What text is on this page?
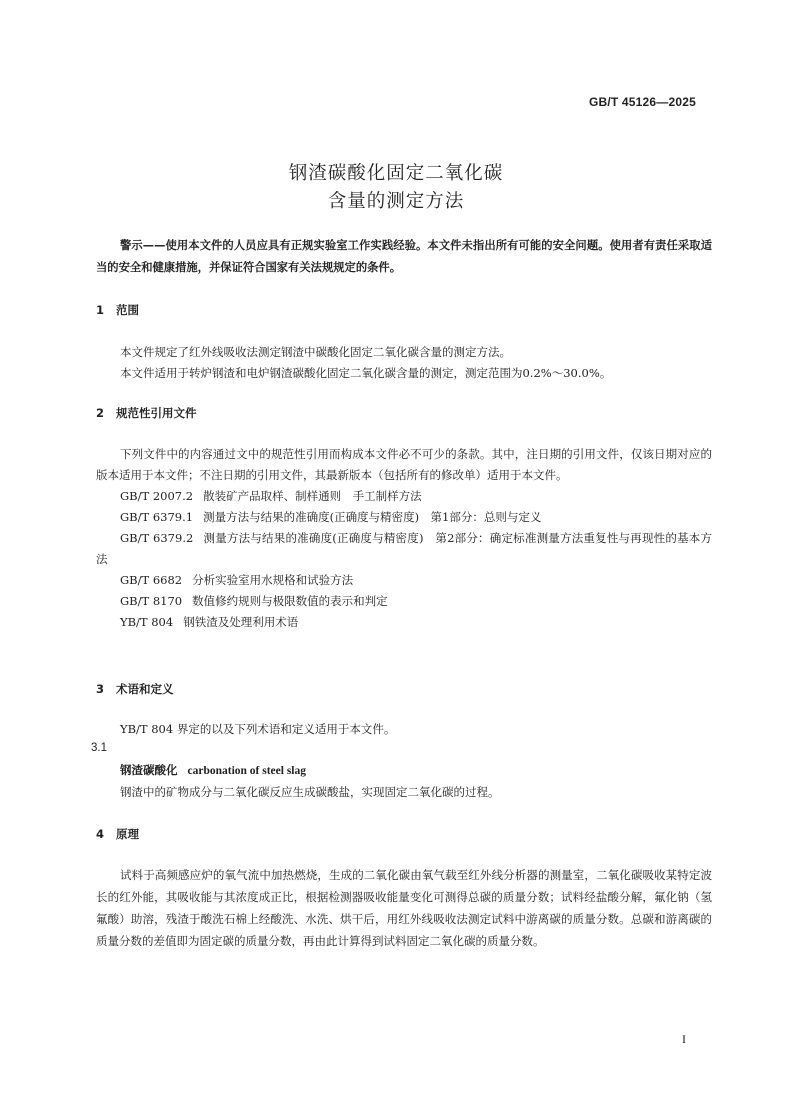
GB/T 45126—2025
钢渣碳酸化固定二氧化碳
含量的测定方法
警示——使用本文件的人员应具有正规实验室工作实践经验。本文件未指出所有可能的安全问题。使用者有责任采取适当的安全和健康措施，并保证符合国家有关法规规定的条件。
1 范围

本文件规定了红外线吸收法测定钢渣中碳酸化固定二氧化碳含量的测定方法。

本文件适用于转炉钢渣和电炉钢渣碳酸化固定二氧化碳含量的测定，测定范围为0.2%～30.0%。

2 规范性引用文件

下列文件中的内容通过文中的规范性引用而构成本文件必不可少的条款。其中，注日期的引用文件，仅该日期对应的版本适用于本文件；不注日期的引用文件，其最新版本（包括所有的修改单）适用于本文件。

GB/T 2007.2 散装矿产品取样、制样通则　手工制样方法

GB/T 6379.1 测量方法与结果的准确度(正确度与精密度)　第1部分：总则与定义

GB/T 6379.2 测量方法与结果的准确度(正确度与精密度)　第2部分：确定标准测量方法重复性与再现性的基本方法

GB/T 6682 分析实验室用水规格和试验方法

GB/T 8170 数值修约规则与极限数值的表示和判定

YB/T 804 钢铁渣及处理利用术语

3 术语和定义

YB/T 804 界定的以及下列术语和定义适用于本文件。

3.1
钢渣碳酸化 carbonation of steel slag

钢渣中的矿物成分与二氧化碳反应生成碳酸盐，实现固定二氧化碳的过程。

4 原理

试料于高频感应炉的氧气流中加热燃烧，生成的二氧化碳由氧气载至红外线分析器的测量室，二氧化碳吸收某特定波长的红外能，其吸收能与其浓度成正比，根据检测器吸收能量变化可测得总碳的质量分数；试料经盐酸分解，氟化钠（氢氟酸）助溶，残渣于酸洗石棉上经酸洗、水洗、烘干后，用红外线吸收法测定试料中游离碳的质量分数。总碳和游离碳的质量分数的差值即为固定碳的质量分数，再由此计算得到试料固定二氧化碳的质量分数。

I
